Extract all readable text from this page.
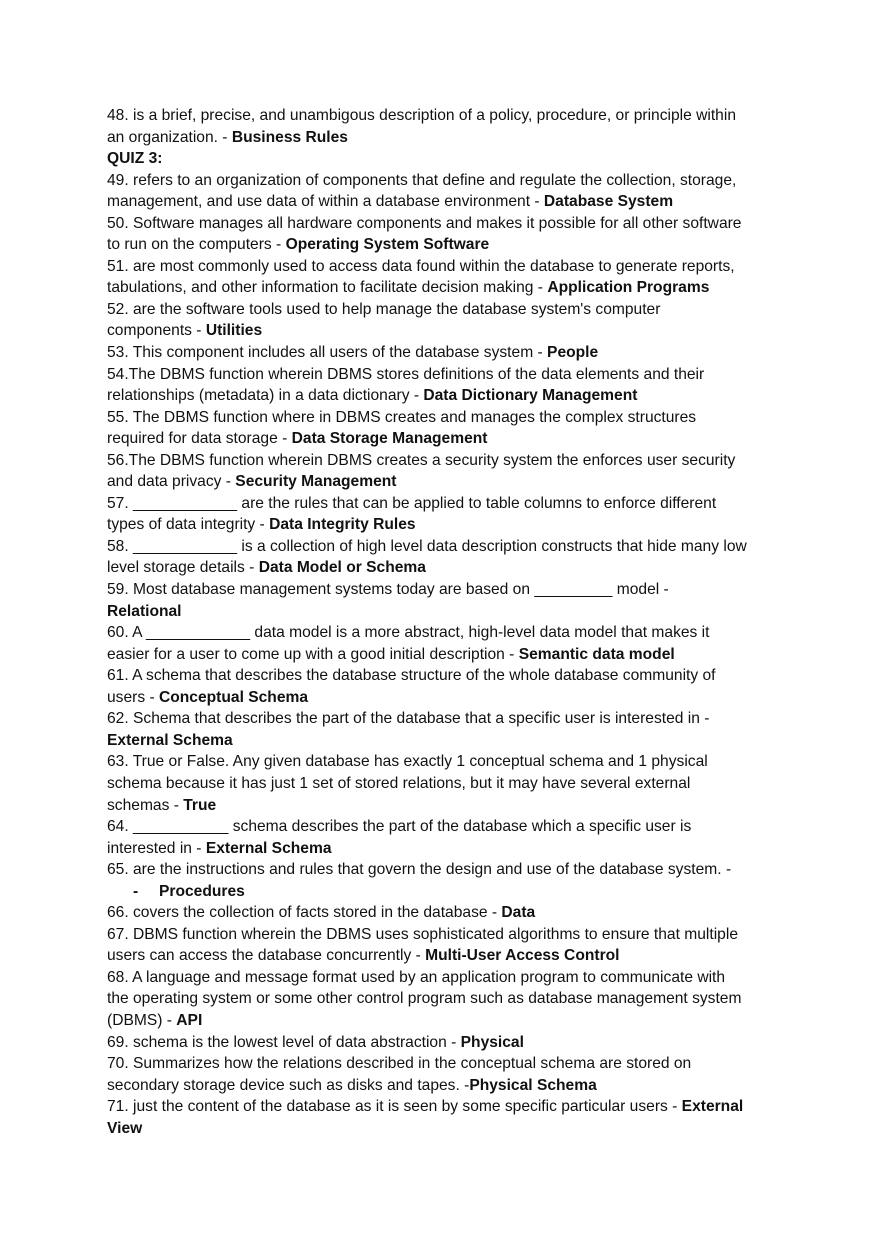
48. is a brief, precise, and unambigous description of a policy, procedure, or principle within
an organization. - Business Rules
QUIZ 3:
49. refers to an organization of components that define and regulate the collection, storage,
management, and use data of within a database environment - Database System
50. Software manages all hardware components and makes it possible for all other software
to run on the computers - Operating System Software
51. are most commonly used to access data found within the database to generate reports,
tabulations, and other information to facilitate decision making - Application Programs
52. are the software tools used to help manage the database system's computer
components - Utilities
53. This component includes all users of the database system - People
54.The DBMS function wherein DBMS stores definitions of the data elements and their
relationships (metadata) in a data dictionary - Data Dictionary Management
55. The DBMS function where in DBMS creates and manages the complex structures
required for data storage - Data Storage Management
56.The DBMS function wherein DBMS creates a security system the enforces user security
and data privacy - Security Management
57. ____________ are the rules that can be applied to table columns to enforce different
types of data integrity - Data Integrity Rules
58. ____________ is a collection of high level data description constructs that hide many low
level storage details - Data Model or Schema
59. Most database management systems today are based on _________ model -
Relational
60. A ____________ data model is a more abstract, high-level data model that makes it
easier for a user to come up with a good initial description - Semantic data model
61. A schema that describes the database structure of the whole database community of
users - Conceptual Schema
62. Schema that describes the part of the database that a specific user is interested in -
External Schema
63. True or False. Any given database has exactly 1 conceptual schema and 1 physical
schema because it has just 1 set of stored relations, but it may have several external
schemas - True
64. ___________ schema describes the part of the database which a specific user is
interested in - External Schema
65. are the instructions and rules that govern the design and use of the database system. -
- Procedures
66. covers the collection of facts stored in the database - Data
67. DBMS function wherein the DBMS uses sophisticated algorithms to ensure that multiple
users can access the database concurrently - Multi-User Access Control
68. A language and message format used by an application program to communicate with
the operating system or some other control program such as database management system
(DBMS) - API
69. schema is the lowest level of data abstraction - Physical
70. Summarizes how the relations described in the conceptual schema are stored on
secondary storage device such as disks and tapes. -Physical Schema
71. just the content of the database as it is seen by some specific particular users - External
View
